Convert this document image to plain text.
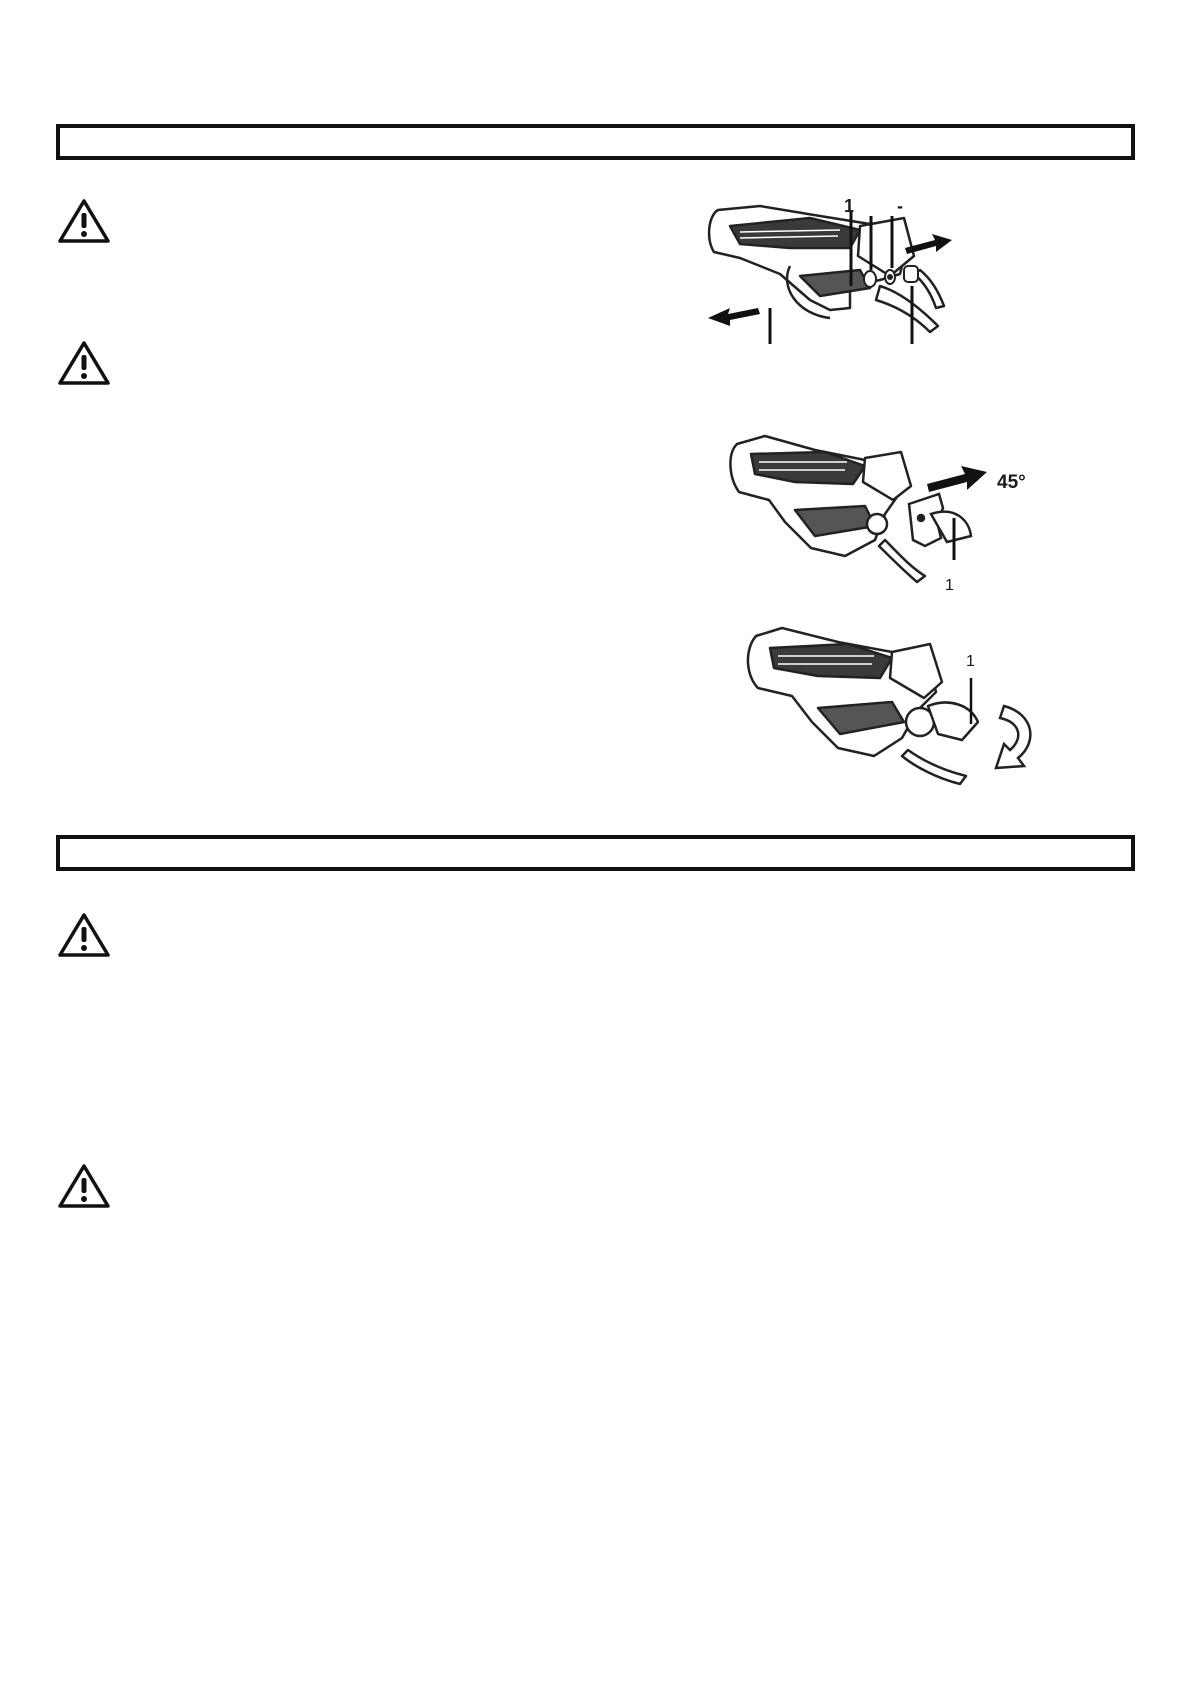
1 -
45°
1
1
